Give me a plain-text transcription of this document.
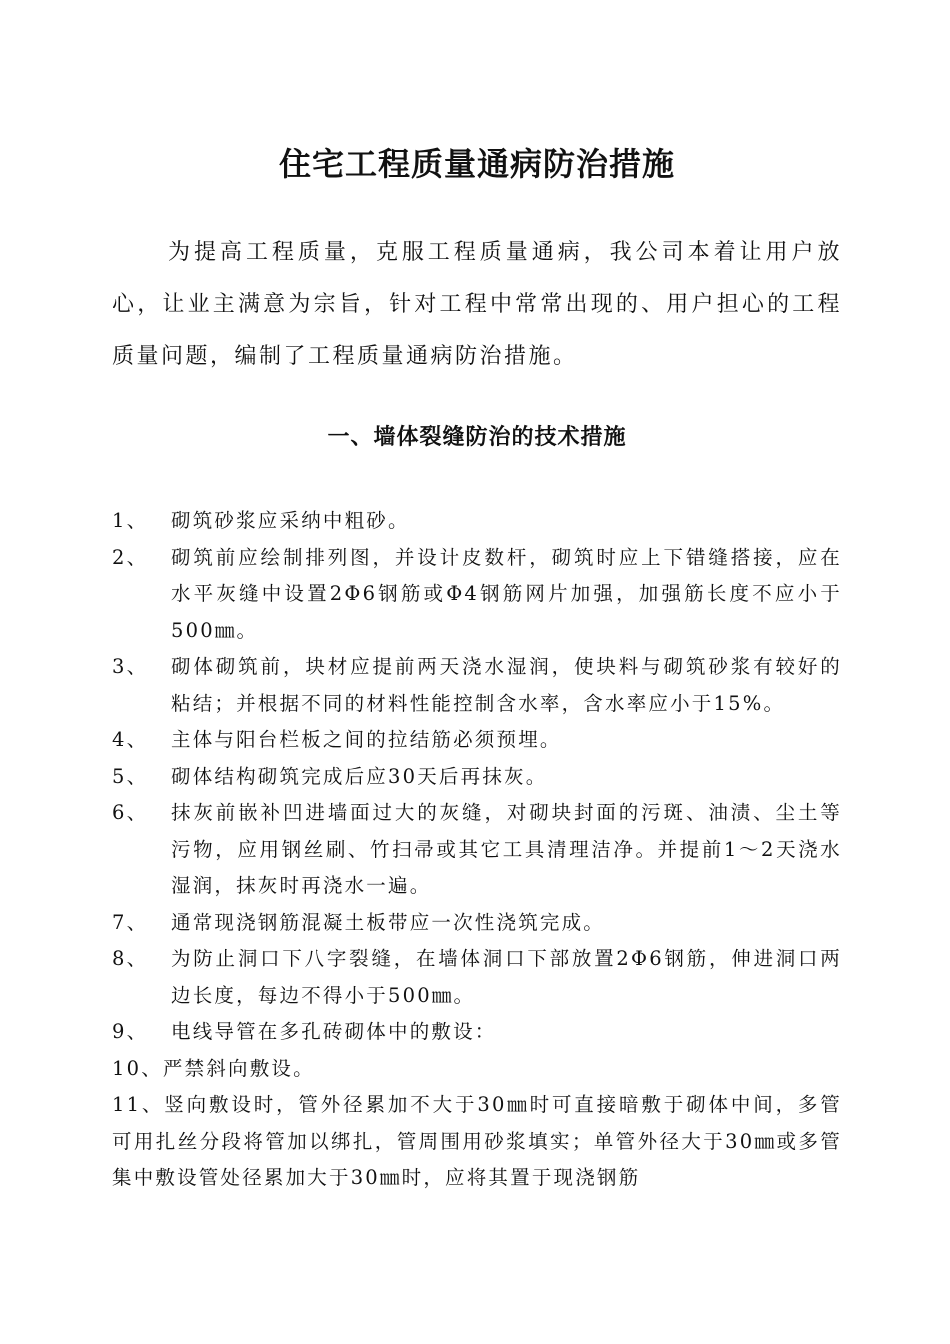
住宅工程质量通病防治措施

为提高工程质量，克服工程质量通病，我公司本着让用户放心，让业主满意为宗旨，针对工程中常常出现的、用户担心的工程质量问题，编制了工程质量通病防治措施。

一、墙体裂缝防治的技术措施
1、 砌筑砂浆应采纳中粗砂。
2、 砌筑前应绘制排列图，并设计皮数杆，砌筑时应上下错缝搭接，应在水平灰缝中设置2Φ6钢筋或Φ4钢筋网片加强，加强筋长度不应小于500㎜。
3、 砌体砌筑前，块材应提前两天浇水湿润，使块料与砌筑砂浆有较好的粘结；并根据不同的材料性能控制含水率，含水率应小于15%。
4、 主体与阳台栏板之间的拉结筋必须预埋。
5、 砌体结构砌筑完成后应30天后再抹灰。
6、 抹灰前嵌补凹进墙面过大的灰缝，对砌块封面的污斑、油渍、尘土等污物，应用钢丝刷、竹扫帚或其它工具清理洁净。并提前1～2天浇水湿润，抹灰时再浇水一遍。
7、 通常现浇钢筋混凝土板带应一次性浇筑完成。
8、 为防止洞口下八字裂缝，在墙体洞口下部放置2Φ6钢筋，伸进洞口两边长度，每边不得小于500㎜。
9、 电线导管在多孔砖砌体中的敷设：
10、严禁斜向敷设。
11、竖向敷设时，管外径累加不大于30㎜时可直接暗敷于砌体中间，多管可用扎丝分段将管加以绑扎，管周围用砂浆填实；单管外径大于30㎜或多管集中敷设管处径累加大于30㎜时，应将其置于现浇钢筋
